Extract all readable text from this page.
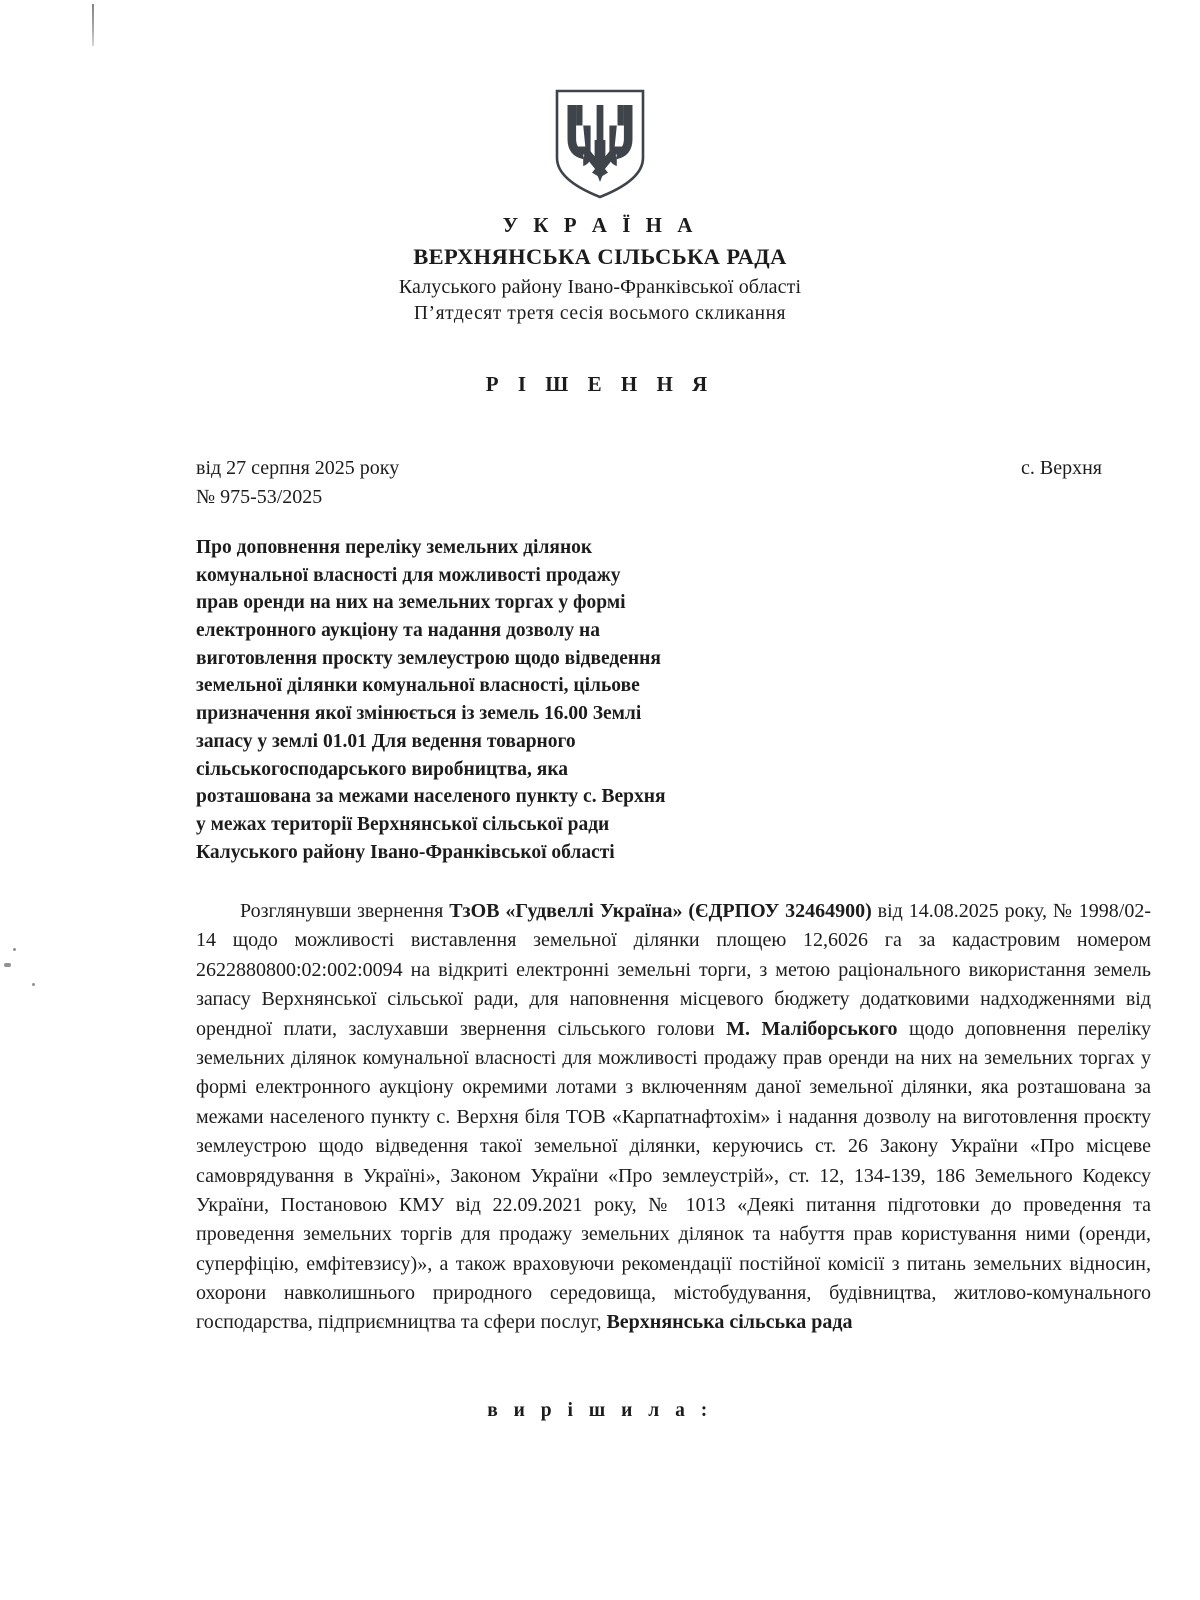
У К Р А Ї Н А
ВЕРХНЯНСЬКА СІЛЬСЬКА РАДА
Калуського району Івано-Франківської області
П’ятдесят третя сесія восьмого скликання
Р І Ш Е Н Н Я
від 27 серпня 2025 року
№ 975-53/2025
с. Верхня

Про доповнення переліку земельних ділянок

комунальної власності для можливості продажу

прав оренди на них на земельних торгах у формі

електронного аукціону та надання дозволу на

виготовлення проскту землеустрою щодо відведення

земельної ділянки комунальної власності, цільове

призначення якої змінюється із земель 16.00 Землі

запасу у землі 01.01 Для ведення товарного

сільськогосподарського виробництва, яка

розташована за межами населеного пункту с. Верхня

у межах території Верхнянської сільської ради

Калуського району Івано-Франківської області

Розглянувши звернення ТзОВ «Гудвеллі Україна» (ЄДРПОУ 32464900) від 14.08.2025 року, № 1998/02-14 щодо можливості виставлення земельної ділянки площею 12,6026 га за кадастровим номером 2622880800:02:002:0094 на відкриті електронні земельні торги, з метою раціонального використання земель запасу Верхнянської сільської ради, для наповнення місцевого бюджету додатковими надходженнями від орендної плати, заслухавши звернення сільського голови М. Маліборського щодо доповнення переліку земельних ділянок комунальної власності для можливості продажу прав оренди на них на земельних торгах у формі електронного аукціону окремими лотами з включенням даної земельної ділянки, яка розташована за межами населеного пункту с. Верхня біля ТОВ «Карпатнафтохім» і надання дозволу на виготовлення проєкту землеустрою щодо відведення такої земельної ділянки, керуючись ст. 26 Закону України «Про місцеве самоврядування в Україні», Законом України «Про землеустрій», ст. 12, 134-139, 186 Земельного Кодексу України, Постановою КМУ від 22.09.2021 року, № 1013 «Деякі питання підготовки до проведення та проведення земельних торгів для продажу земельних ділянок та набуття прав користування ними (оренди, суперфіцію, емфітевзису)», а також враховуючи рекомендації постійної комісії з питань земельних відносин, охорони навколишнього природного середовища, містобудування, будівництва, житлово-комунального господарства, підприємництва та сфери послуг, Верхнянська сільська рада

в и р і ш и л а :
